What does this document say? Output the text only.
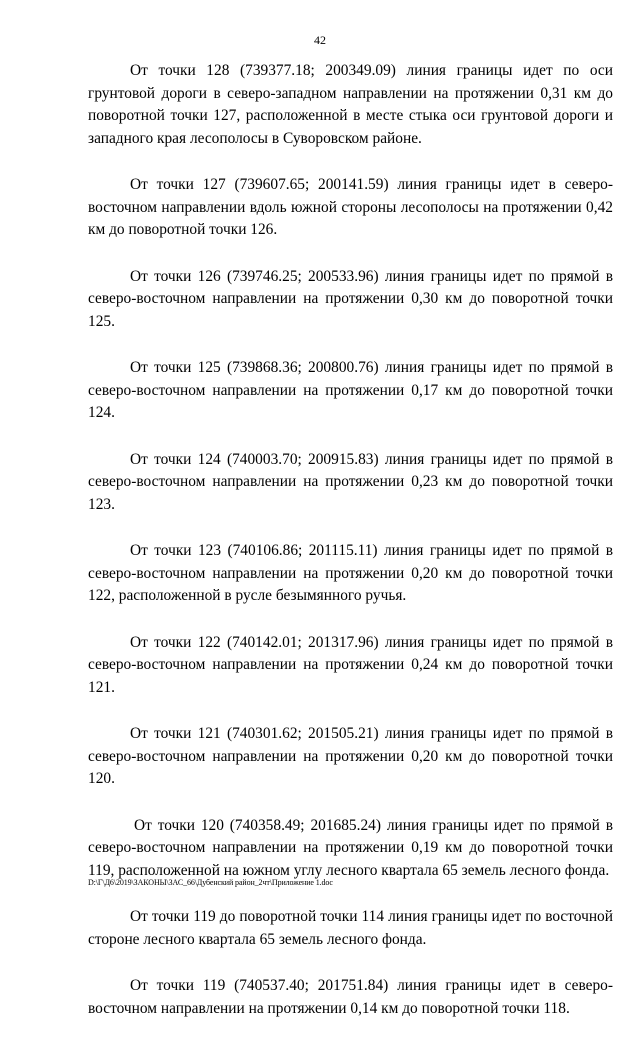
42

От точки 128 (739377.18; 200349.09) линия границы идет по оси грунтовой дороги в северо-западном направлении на протяжении 0,31 км до поворотной точки 127, расположенной в месте стыка оси грунтовой дороги и западного края лесополосы в Суворовском районе.

От точки 127 (739607.65; 200141.59) линия границы идет в северо-восточном направлении вдоль южной стороны лесополосы на протяжении 0,42 км до поворотной точки 126.

От точки 126 (739746.25; 200533.96) линия границы идет по прямой в северо-восточном направлении на протяжении 0,30 км до поворотной точки 125.

От точки 125 (739868.36; 200800.76) линия границы идет по прямой в северо-восточном направлении на протяжении 0,17 км до поворотной точки 124.

От точки 124 (740003.70; 200915.83) линия границы идет по прямой в северо-восточном направлении на протяжении 0,23 км до поворотной точки 123.

От точки 123 (740106.86; 201115.11) линия границы идет по прямой в северо-восточном направлении на протяжении 0,20 км до поворотной точки 122, расположенной в русле безымянного ручья.

От точки 122 (740142.01; 201317.96) линия границы идет по прямой в северо-восточном направлении на протяжении 0,24 км до поворотной точки 121.

От точки 121 (740301.62; 201505.21) линия границы идет по прямой в северо-восточном направлении на протяжении 0,20 км до поворотной точки 120.

От точки 120 (740358.49; 201685.24) линия границы идет по прямой в северо-восточном направлении на протяжении 0,19 км до поворотной точки 119, расположенной на южном углу лесного квартала 65 земель лесного фонда.

От точки 119 до поворотной точки 114 линия границы идет по восточной стороне лесного квартала 65 земель лесного фонда.

От точки 119 (740537.40; 201751.84) линия границы идет в северо-восточном направлении на протяжении 0,14 км до поворотной точки 118.

D:\Г\Д6\2019\ЗАКОНЫ\ЗАС_66\Дубенский район_2чт\Приложение 1.doc
